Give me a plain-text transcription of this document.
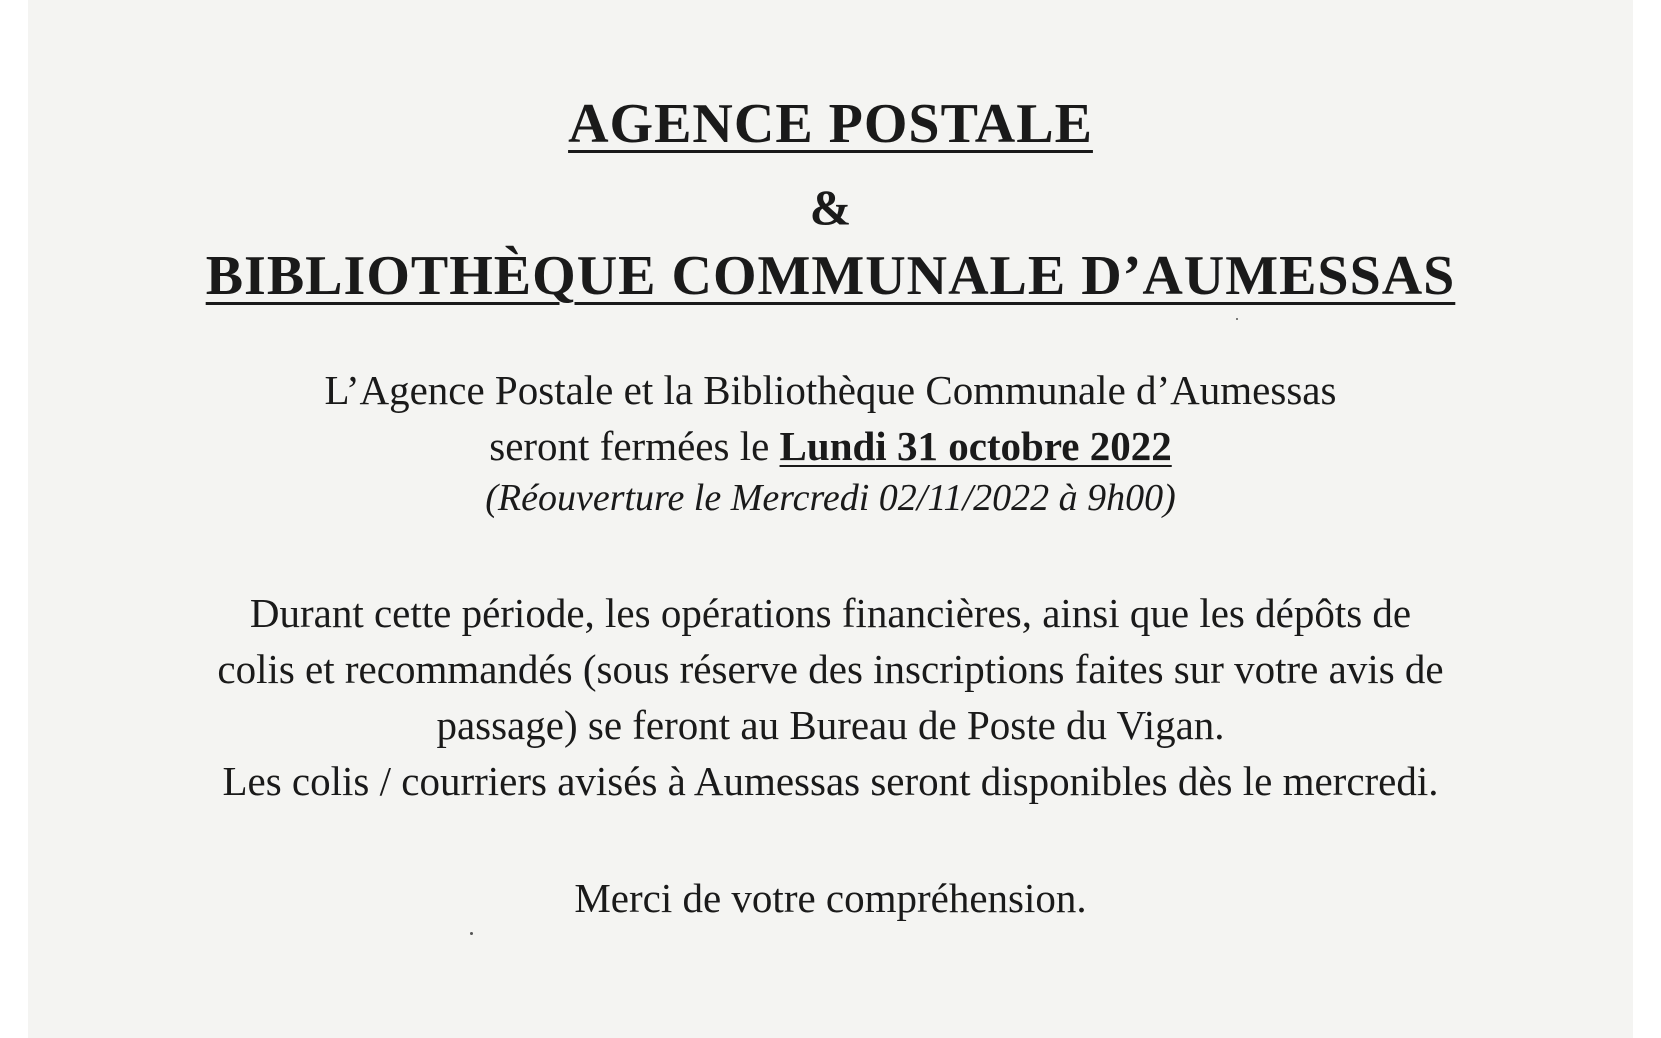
AGENCE POSTALE
&
BIBLIOTHÈQUE COMMUNALE D’AUMESSAS
L’Agence Postale et la Bibliothèque Communale d’Aumessas
seront fermées le Lundi 31 octobre 2022
(Réouverture le Mercredi 02/11/2022 à 9h00)
Durant cette période, les opérations financières, ainsi que les dépôts de
colis et recommandés (sous réserve des inscriptions faites sur votre avis de
passage) se feront au Bureau de Poste du Vigan.
Les colis / courriers avisés à Aumessas seront disponibles dès le mercredi.
Merci de votre compréhension.
